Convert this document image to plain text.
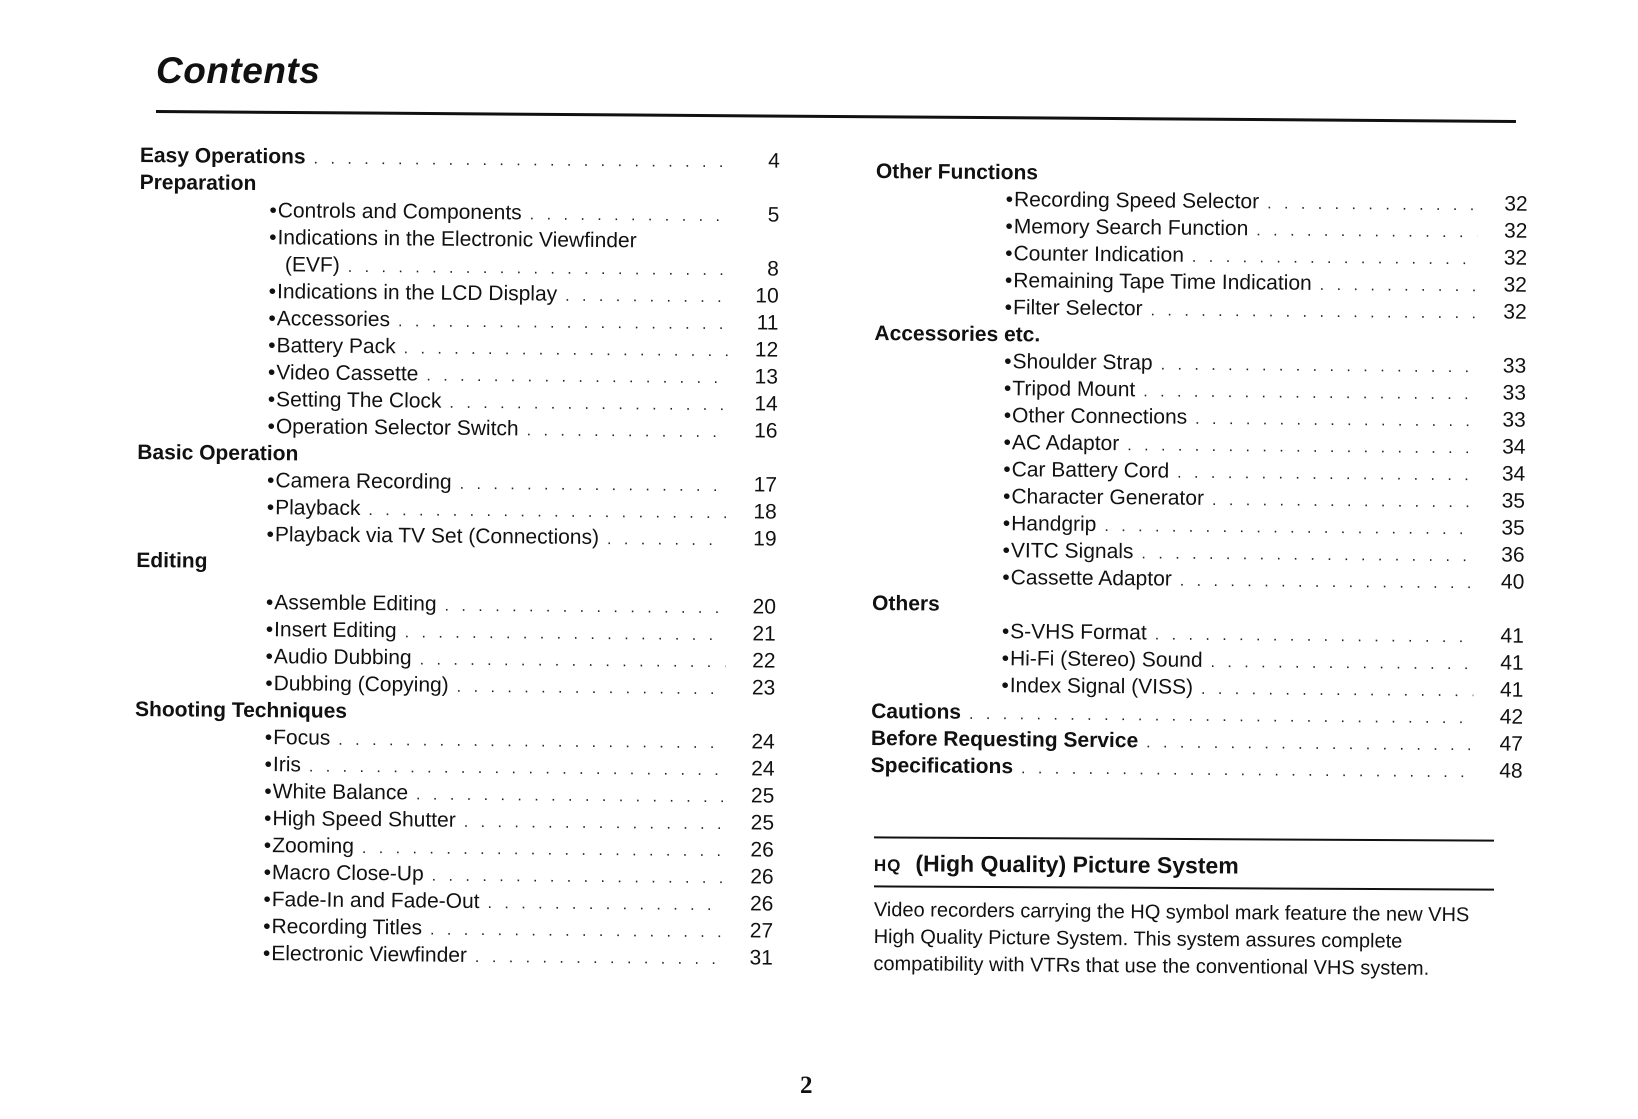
Contents
Easy Operations . . .	4
Preparation
• Controls and Components . . .	5
• Indications in the Electronic Viewfinder
(EVF) . . .	8
• Indications in the LCD Display . . .	10
• Accessories . . .	11
• Battery Pack . . .	12
• Video Cassette . . .	13
• Setting The Clock . . .	14
• Operation Selector Switch . . .	16
Basic Operation
• Camera Recording . . .	17
• Playback . . .	18
• Playback via TV Set (Connections) . . .	19
Editing
• Assemble Editing . . .	20
• Insert Editing . . .	21
• Audio Dubbing . . .	22
• Dubbing (Copying) . . .	23
Shooting Techniques
• Focus . . .	24
• Iris . . .	24
• White Balance . . .	25
• High Speed Shutter . . .	25
• Zooming . . .	26
• Macro Close-Up . . .	26
• Fade-In and Fade-Out . . .	26
• Recording Titles . . .	27
• Electronic Viewfinder . . .	31
Other Functions
• Recording Speed Selector . . .	32
• Memory Search Function . . .	32
• Counter Indication . . .	32
• Remaining Tape Time Indication . . .	32
• Filter Selector . . .	32
Accessories etc.
• Shoulder Strap . . .	33
• Tripod Mount . . .	33
• Other Connections . . .	33
• AC Adaptor . . .	34
• Car Battery Cord . . .	34
• Character Generator . . .	35
• Handgrip . . .	35
• VITC Signals . . .	36
• Cassette Adaptor . . .	40
Others
• S-VHS Format . . .	41
• Hi-Fi (Stereo) Sound . . .	41
• Index Signal (VISS) . . .	41
Cautions . . .	42
Before Requesting Service . . .	47
Specifications . . .	48
HQ (High Quality) Picture System
Video recorders carrying the HQ symbol mark feature the new VHS High Quality Picture System. This system assures complete compatibility with VTRs that use the conventional VHS system.
2
